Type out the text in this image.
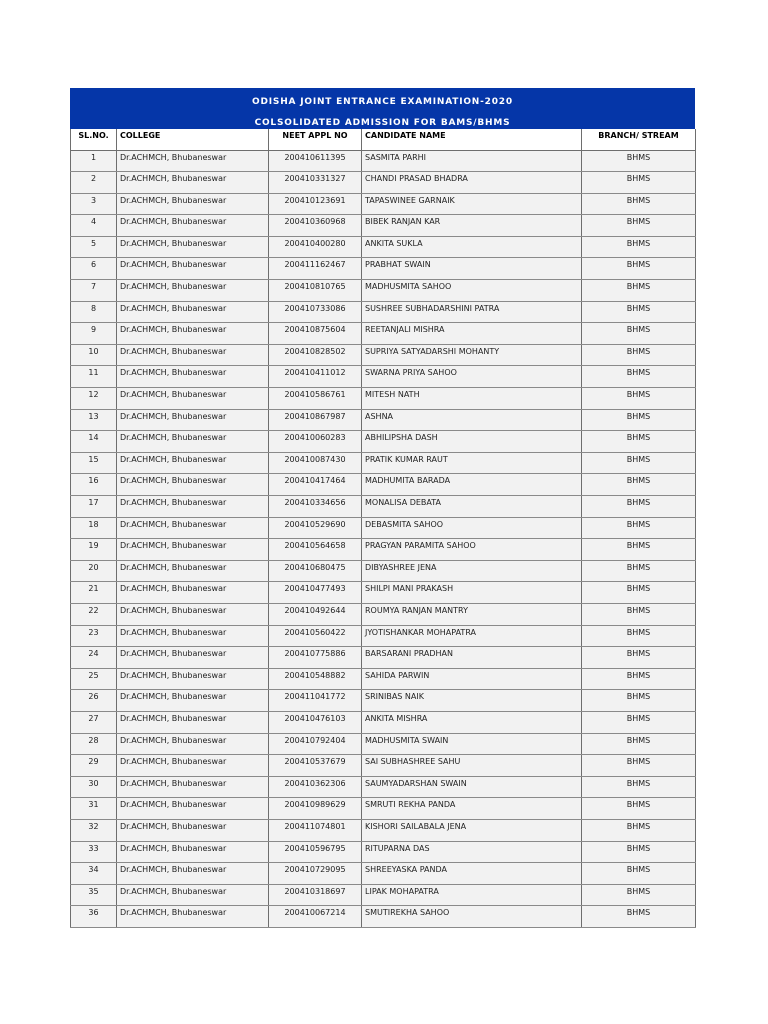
ODISHA JOINT ENTRANCE EXAMINATION-2020
COLSOLIDATED ADMISSION FOR BAMS/BHMS
SL.NO.	COLLEGE	NEET APPL NO	CANDIDATE NAME	BRANCH/ STREAM
1	Dr.ACHMCH, Bhubaneswar	200410611395	SASMITA PARHI	BHMS
2	Dr.ACHMCH, Bhubaneswar	200410331327	CHANDI PRASAD BHADRA	BHMS
3	Dr.ACHMCH, Bhubaneswar	200410123691	TAPASWINEE GARNAIK	BHMS
4	Dr.ACHMCH, Bhubaneswar	200410360968	BIBEK RANJAN KAR	BHMS
5	Dr.ACHMCH, Bhubaneswar	200410400280	ANKITA SUKLA	BHMS
6	Dr.ACHMCH, Bhubaneswar	200411162467	PRABHAT SWAIN	BHMS
7	Dr.ACHMCH, Bhubaneswar	200410810765	MADHUSMITA SAHOO	BHMS
8	Dr.ACHMCH, Bhubaneswar	200410733086	SUSHREE SUBHADARSHINI PATRA	BHMS
9	Dr.ACHMCH, Bhubaneswar	200410875604	REETANJALI MISHRA	BHMS
10	Dr.ACHMCH, Bhubaneswar	200410828502	SUPRIYA SATYADARSHI MOHANTY	BHMS
11	Dr.ACHMCH, Bhubaneswar	200410411012	SWARNA PRIYA SAHOO	BHMS
12	Dr.ACHMCH, Bhubaneswar	200410586761	MITESH NATH	BHMS
13	Dr.ACHMCH, Bhubaneswar	200410867987	ASHNA	BHMS
14	Dr.ACHMCH, Bhubaneswar	200410060283	ABHILIPSHA DASH	BHMS
15	Dr.ACHMCH, Bhubaneswar	200410087430	PRATIK KUMAR RAUT	BHMS
16	Dr.ACHMCH, Bhubaneswar	200410417464	MADHUMITA BARADA	BHMS
17	Dr.ACHMCH, Bhubaneswar	200410334656	MONALISA DEBATA	BHMS
18	Dr.ACHMCH, Bhubaneswar	200410529690	DEBASMITA SAHOO	BHMS
19	Dr.ACHMCH, Bhubaneswar	200410564658	PRAGYAN PARAMITA SAHOO	BHMS
20	Dr.ACHMCH, Bhubaneswar	200410680475	DIBYASHREE JENA	BHMS
21	Dr.ACHMCH, Bhubaneswar	200410477493	SHILPI MANI PRAKASH	BHMS
22	Dr.ACHMCH, Bhubaneswar	200410492644	ROUMYA RANJAN MANTRY	BHMS
23	Dr.ACHMCH, Bhubaneswar	200410560422	JYOTISHANKAR MOHAPATRA	BHMS
24	Dr.ACHMCH, Bhubaneswar	200410775886	BARSARANI PRADHAN	BHMS
25	Dr.ACHMCH, Bhubaneswar	200410548882	SAHIDA PARWIN	BHMS
26	Dr.ACHMCH, Bhubaneswar	200411041772	SRINIBAS NAIK	BHMS
27	Dr.ACHMCH, Bhubaneswar	200410476103	ANKITA MISHRA	BHMS
28	Dr.ACHMCH, Bhubaneswar	200410792404	MADHUSMITA SWAIN	BHMS
29	Dr.ACHMCH, Bhubaneswar	200410537679	SAI SUBHASHREE SAHU	BHMS
30	Dr.ACHMCH, Bhubaneswar	200410362306	SAUMYADARSHAN SWAIN	BHMS
31	Dr.ACHMCH, Bhubaneswar	200410989629	SMRUTI REKHA PANDA	BHMS
32	Dr.ACHMCH, Bhubaneswar	200411074801	KISHORI SAILABALA JENA	BHMS
33	Dr.ACHMCH, Bhubaneswar	200410596795	RITUPARNA DAS	BHMS
34	Dr.ACHMCH, Bhubaneswar	200410729095	SHREEYASKA PANDA	BHMS
35	Dr.ACHMCH, Bhubaneswar	200410318697	LIPAK MOHAPATRA	BHMS
36	Dr.ACHMCH, Bhubaneswar	200410067214	SMUTIREKHA SAHOO	BHMS
